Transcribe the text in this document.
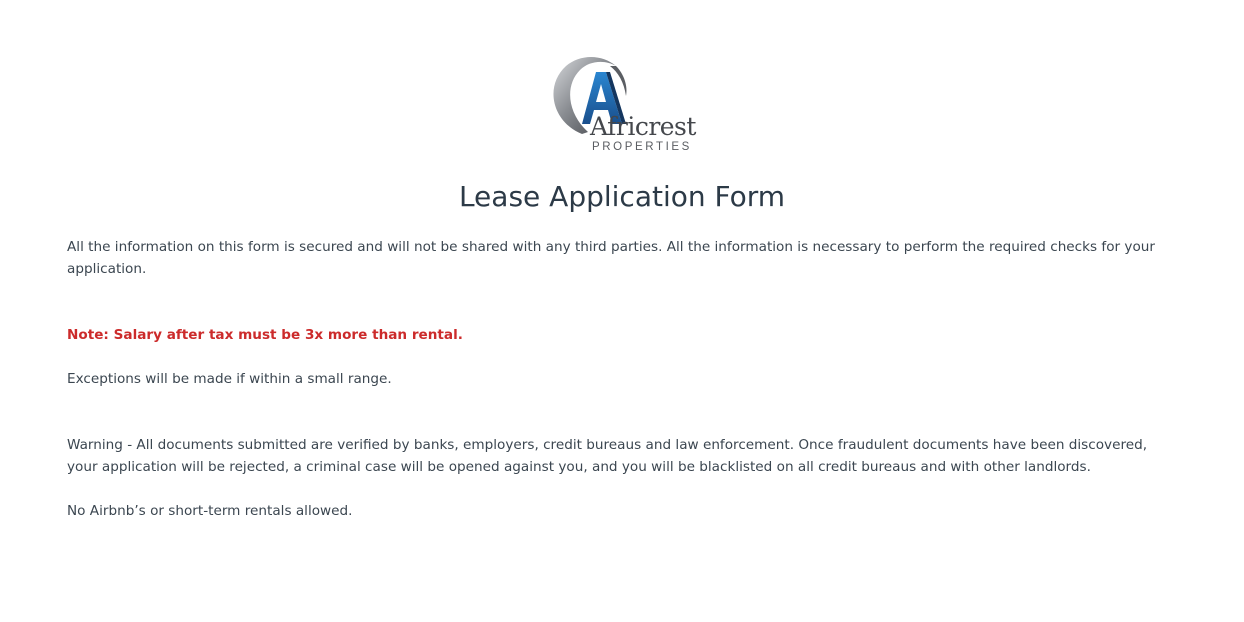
Africrest
PROPERTIES
Lease Application Form

All the information on this form is secured and will not be shared with any third parties. All the information is necessary to perform the required checks for your application.

Note: Salary after tax must be 3x more than rental.

Exceptions will be made if within a small range.

Warning - All documents submitted are verified by banks, employers, credit bureaus and law enforcement. Once fraudulent documents have been discovered, your application will be rejected, a criminal case will be opened against you, and you will be blacklisted on all credit bureaus and with other landlords.

No Airbnb’s or short-term rentals allowed.
